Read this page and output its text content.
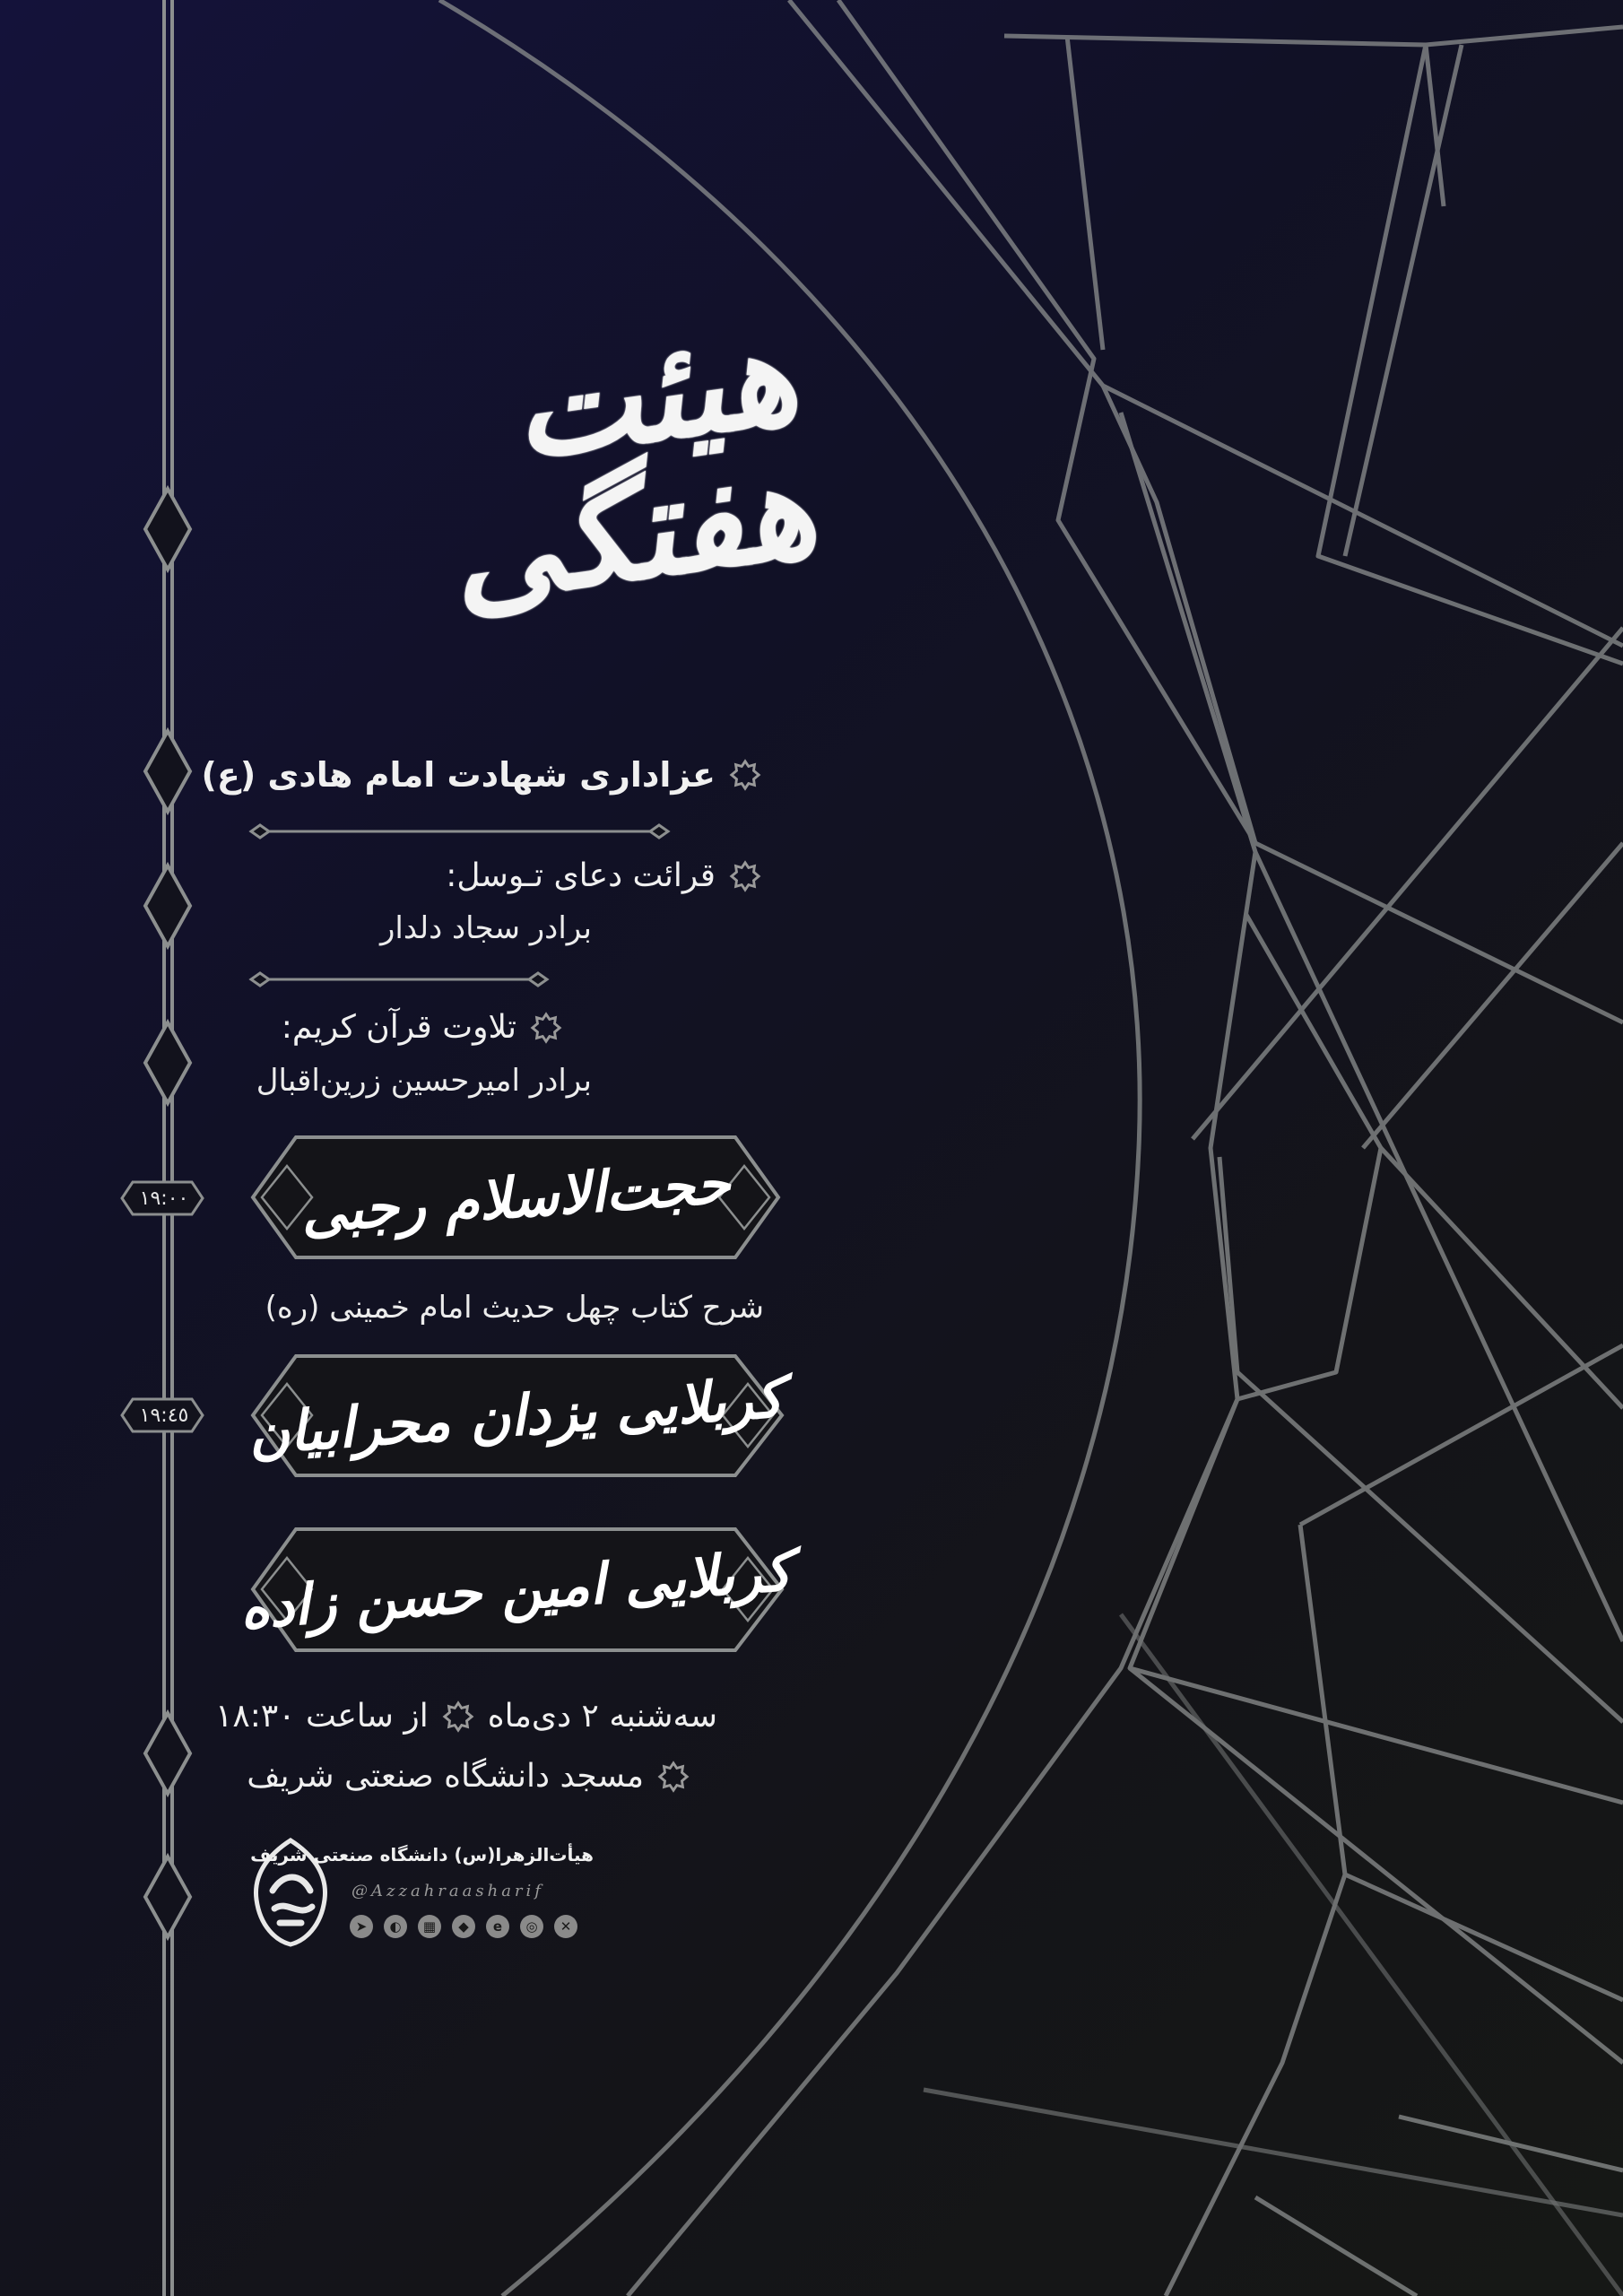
هیئت هفتگی
عزاداری شهادت امام هادی (ع)
قرائت دعای تـوسل:
برادر سجاد دلدار
تلاوت قرآن کریم:
برادر امیرحسین زرین‌اقبال
حجت‌الاسلام رجبی
۱۹:۰۰
شرح کتاب چهل حدیث امام خمینی (ره)
کربلایی یزدان محرابیان
۱۹:٤٥
کربلایی امین حسن زاده
سه‌شنبه ۲ دی‌ماه
از ساعت ۱۸:۳۰
مسجد دانشگاه صنعتی شریف
هیأت‌الزهرا(س) دانشگاه صنعتی شریف
@Azzahraasharif
➤	◐	▦	◆	e	◎	✕
